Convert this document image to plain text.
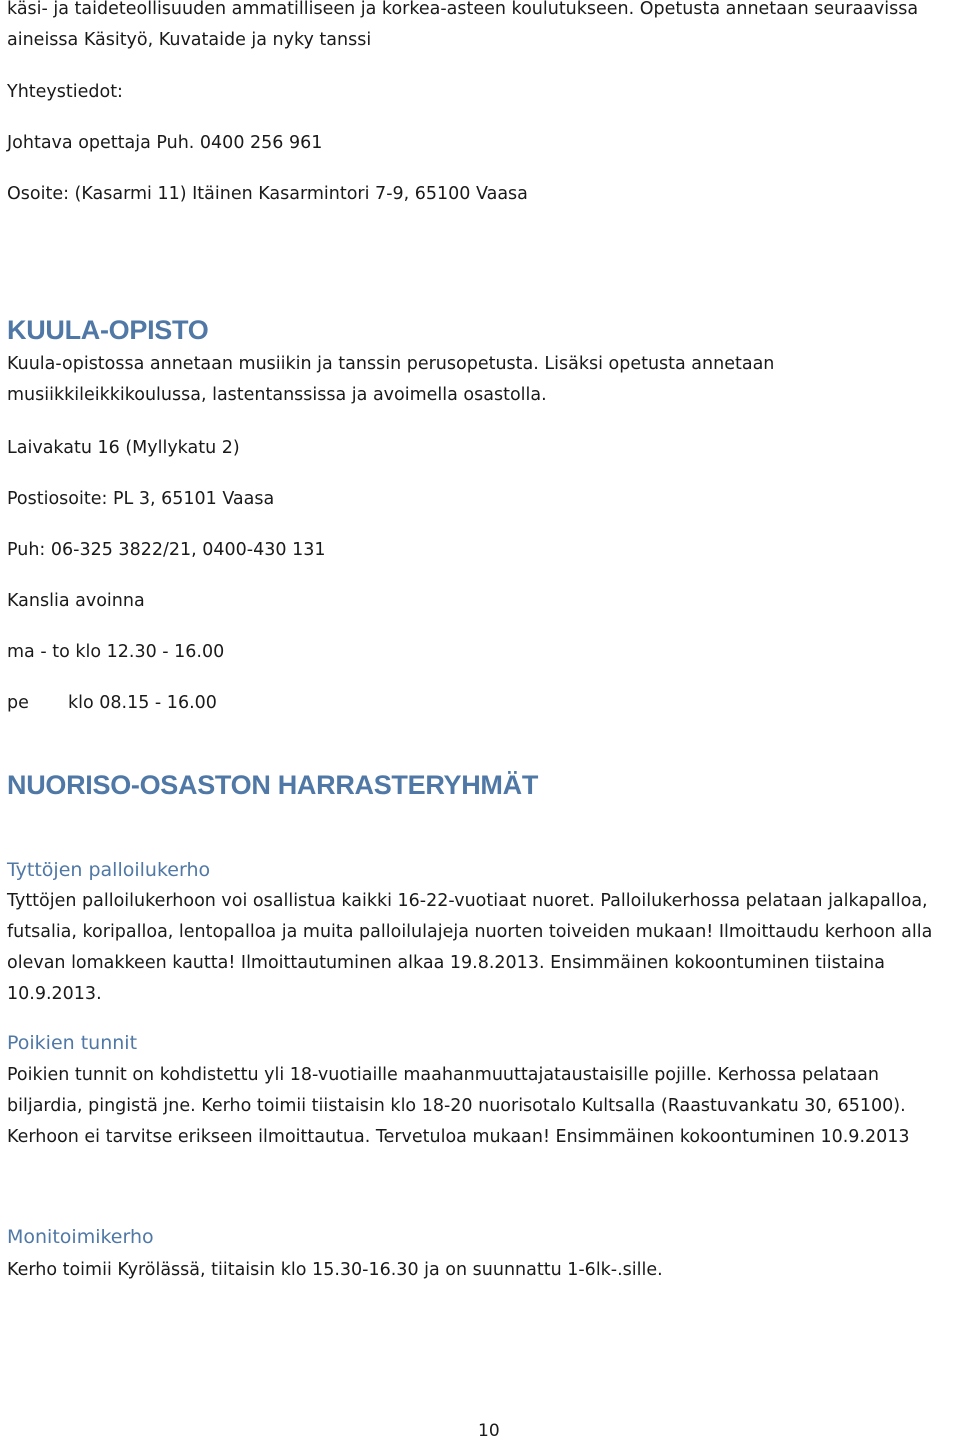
käsi- ja taideteollisuuden ammatilliseen ja korkea-asteen koulutukseen. Opetusta annetaan seuraavissa
aineissa Käsityö, Kuvataide ja nyky tanssi
Yhteystiedot:
Johtava opettaja Puh. 0400 256 961
Osoite: (Kasarmi 11) Itäinen Kasarmintori 7-9, 65100 Vaasa
KUULA-OPISTO
Kuula-opistossa annetaan musiikin ja tanssin perusopetusta. Lisäksi opetusta annetaan
musiikkileikkikoulussa, lastentanssissa ja avoimella osastolla.
Laivakatu 16 (Myllykatu 2)
Postiosoite: PL 3, 65101 Vaasa
Puh: 06-325 3822/21, 0400-430 131
Kanslia avoinna
ma - to klo 12.30 - 16.00
pe klo 08.15 - 16.00
NUORISO-OSASTON HARRASTERYHMÄT
Tyttöjen palloilukerho
Tyttöjen palloilukerhoon voi osallistua kaikki 16-22-vuotiaat nuoret. Palloilukerhossa pelataan jalkapalloa, futsalia, koripalloa, lentopalloa ja muita palloilulajeja nuorten toiveiden mukaan! Ilmoittaudu kerhoon alla olevan lomakkeen kautta! Ilmoittautuminen alkaa 19.8.2013. Ensimmäinen kokoontuminen tiistaina 10.9.2013.
Poikien tunnit
Poikien tunnit on kohdistettu yli 18-vuotiaille maahanmuuttajataustaisille pojille. Kerhossa pelataan biljardia, pingistä jne. Kerho toimii tiistaisin klo 18-20 nuorisotalo Kultsalla (Raastuvankatu 30, 65100). Kerhoon ei tarvitse erikseen ilmoittautua. Tervetuloa mukaan! Ensimmäinen kokoontuminen 10.9.2013
Monitoimikerho
Kerho toimii Kyrölässä, tiitaisin klo 15.30-16.30 ja on suunnattu 1-6lk-.sille.
10
